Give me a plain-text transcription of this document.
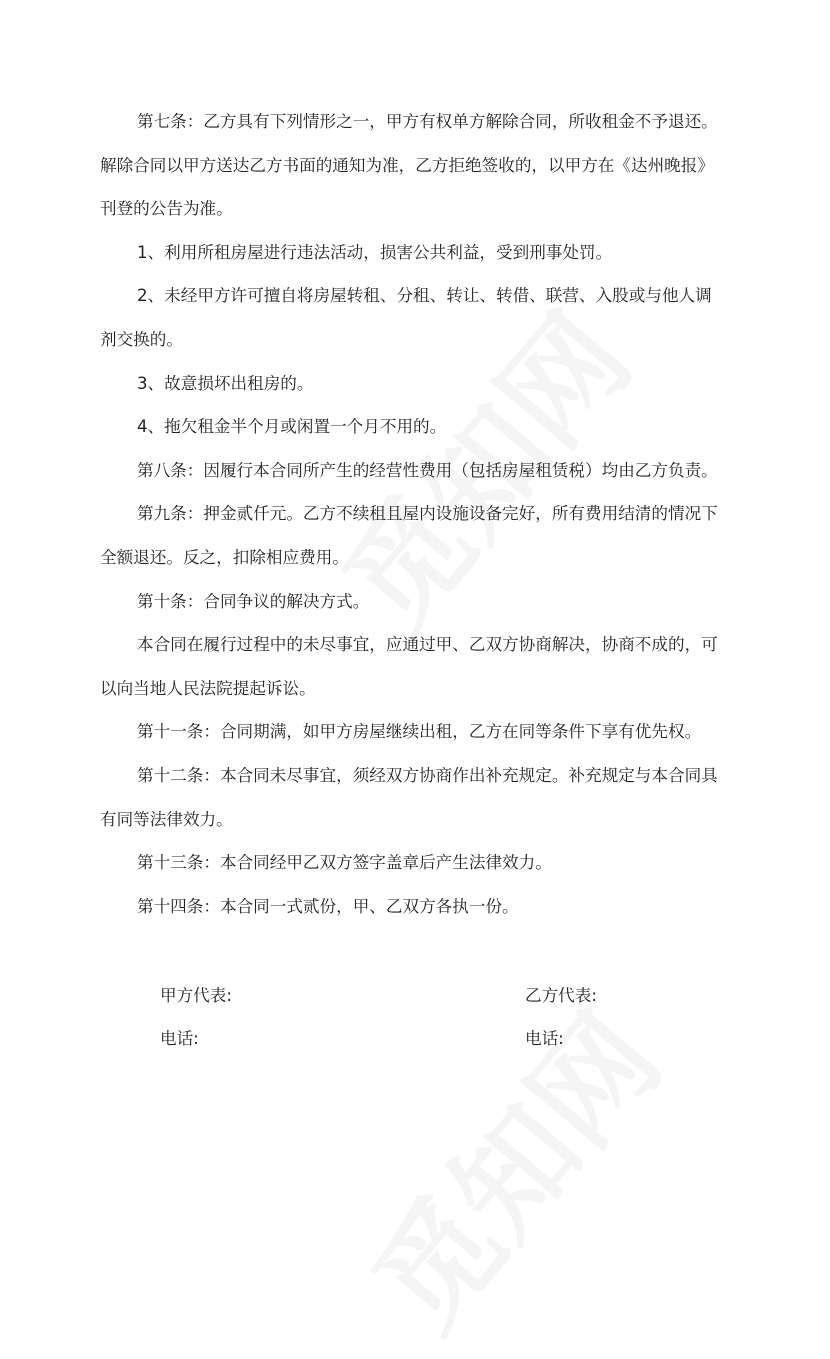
第七条：乙方具有下列情形之一，甲方有权单方解除合同，所收租金不予退还。
解除合同以甲方送达乙方书面的通知为准，乙方拒绝签收的，以甲方在《达州晚报》
刊登的公告为准。
1、利用所租房屋进行违法活动，损害公共利益，受到刑事处罚。
2、未经甲方许可擅自将房屋转租、分租、转让、转借、联营、入股或与他人调
剂交换的。
3、故意损坏出租房的。
4、拖欠租金半个月或闲置一个月不用的。
第八条：因履行本合同所产生的经营性费用（包括房屋租赁税）均由乙方负责。
第九条：押金贰仟元。乙方不续租且屋内设施设备完好，所有费用结清的情况下
全额退还。反之，扣除相应费用。
第十条：合同争议的解决方式。
本合同在履行过程中的未尽事宜，应通过甲、乙双方协商解决，协商不成的，可
以向当地人民法院提起诉讼。
第十一条：合同期满，如甲方房屋继续出租，乙方在同等条件下享有优先权。
第十二条：本合同未尽事宜，须经双方协商作出补充规定。补充规定与本合同具
有同等法律效力。
第十三条：本合同经甲乙双方签字盖章后产生法律效力。
第十四条：本合同一式贰份，甲、乙双方各执一份。
甲方代表:	乙方代表:
电话:	电话:
